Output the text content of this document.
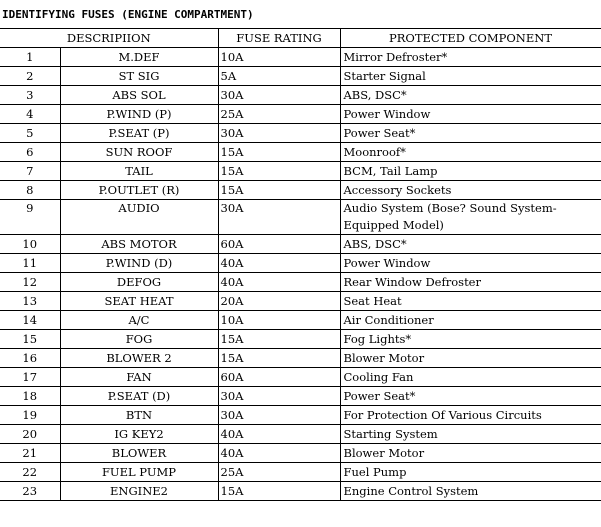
IDENTIFYING FUSES (ENGINE COMPARTMENT)
DESCRIPIION		FUSE RATING	PROTECTED COMPONENT
1	M.DEF	10A	Mirror Defroster*
2	ST SIG	5A	Starter Signal
3	ABS SOL	30A	ABS, DSC*
4	P.WIND (P)	25A	Power Window
5	P.SEAT (P)	30A	Power Seat*
6	SUN ROOF	15A	Moonroof*
7	TAIL	15A	BCM, Tail Lamp
8	P.OUTLET (R)	15A	Accessory Sockets
9	AUDIO	30A	Audio System (Bose? Sound System-Equipped Model)
10	ABS MOTOR	60A	ABS, DSC*
11	P.WIND (D)	40A	Power Window
12	DEFOG	40A	Rear Window Defroster
13	SEAT HEAT	20A	Seat Heat
14	A/C	10A	Air Conditioner
15	FOG	15A	Fog Lights*
16	BLOWER 2	15A	Blower Motor
17	FAN	60A	Cooling Fan
18	P.SEAT (D)	30A	Power Seat*
19	BTN	30A	For Protection Of Various Circuits
20	IG KEY2	40A	Starting System
21	BLOWER	40A	Blower Motor
22	FUEL PUMP	25A	Fuel Pump
23	ENGINE2	15A	Engine Control System
